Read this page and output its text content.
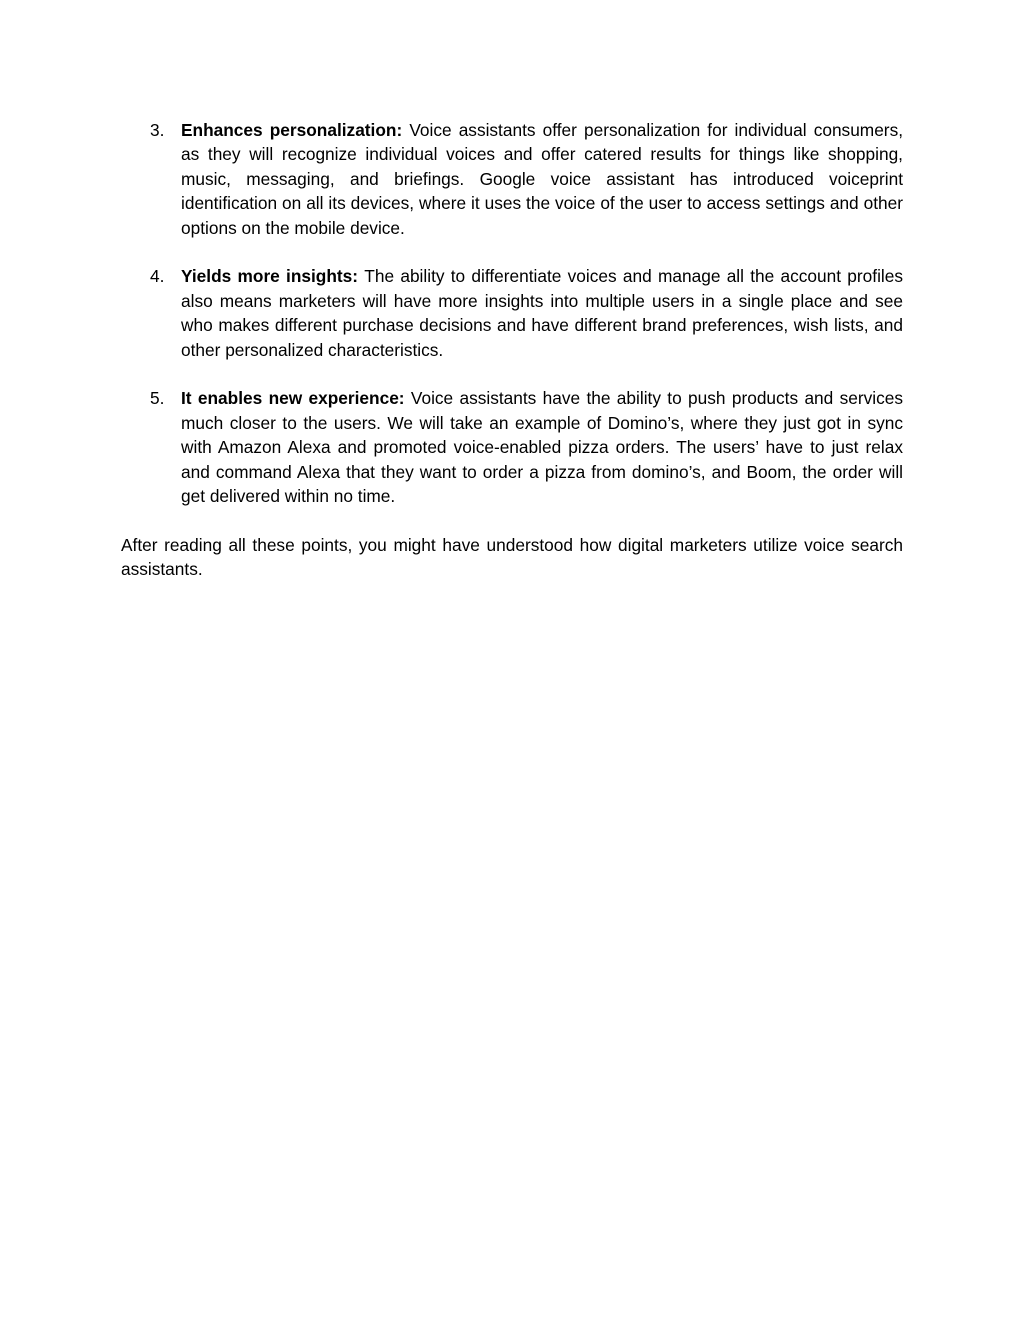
3. Enhances personalization: Voice assistants offer personalization for individual consumers, as they will recognize individual voices and offer catered results for things like shopping, music, messaging, and briefings. Google voice assistant has introduced voiceprint identification on all its devices, where it uses the voice of the user to access settings and other options on the mobile device.
4. Yields more insights: The ability to differentiate voices and manage all the account profiles also means marketers will have more insights into multiple users in a single place and see who makes different purchase decisions and have different brand preferences, wish lists, and other personalized characteristics.
5. It enables new experience: Voice assistants have the ability to push products and services much closer to the users. We will take an example of Domino’s, where they just got in sync with Amazon Alexa and promoted voice-enabled pizza orders. The users’ have to just relax and command Alexa that they want to order a pizza from domino’s, and Boom, the order will get delivered within no time.

After reading all these points, you might have understood how digital marketers utilize voice search assistants.
